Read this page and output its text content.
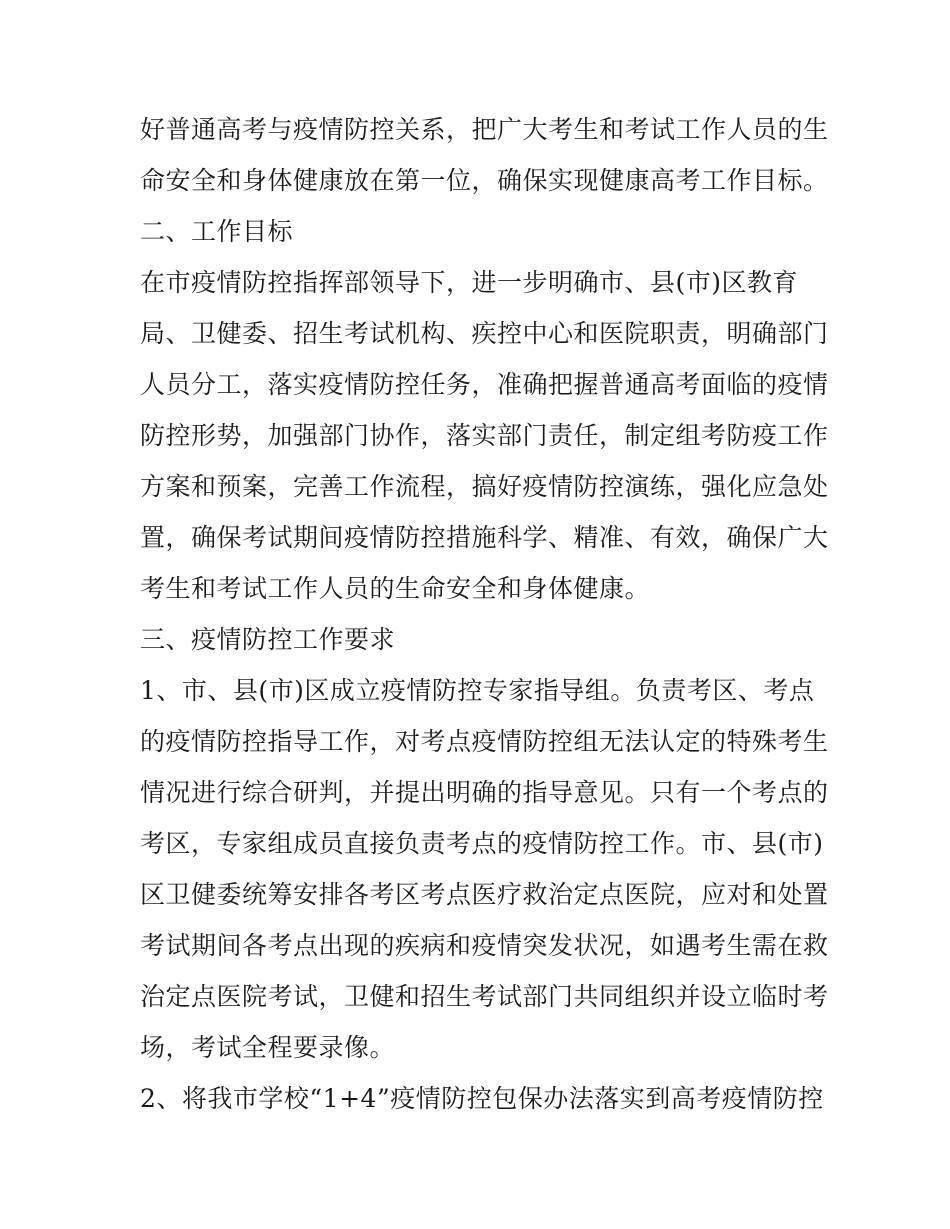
好普通高考与疫情防控关系，把广大考生和考试工作人员的生
命安全和身体健康放在第一位，确保实现健康高考工作目标。
二、工作目标
在市疫情防控指挥部领导下，进一步明确市、县(市)区教育
局、卫健委、招生考试机构、疾控中心和医院职责，明确部门
人员分工，落实疫情防控任务，准确把握普通高考面临的疫情
防控形势，加强部门协作，落实部门责任，制定组考防疫工作
方案和预案，完善工作流程，搞好疫情防控演练，强化应急处
置，确保考试期间疫情防控措施科学、精准、有效，确保广大
考生和考试工作人员的生命安全和身体健康。
三、疫情防控工作要求
1、市、县(市)区成立疫情防控专家指导组。负责考区、考点
的疫情防控指导工作，对考点疫情防控组无法认定的特殊考生
情况进行综合研判，并提出明确的指导意见。只有一个考点的
考区，专家组成员直接负责考点的疫情防控工作。市、县(市)
区卫健委统筹安排各考区考点医疗救治定点医院，应对和处置
考试期间各考点出现的疾病和疫情突发状况，如遇考生需在救
治定点医院考试，卫健和招生考试部门共同组织并设立临时考
场，考试全程要录像。
2、将我市学校“1+4”疫情防控包保办法落实到高考疫情防控
